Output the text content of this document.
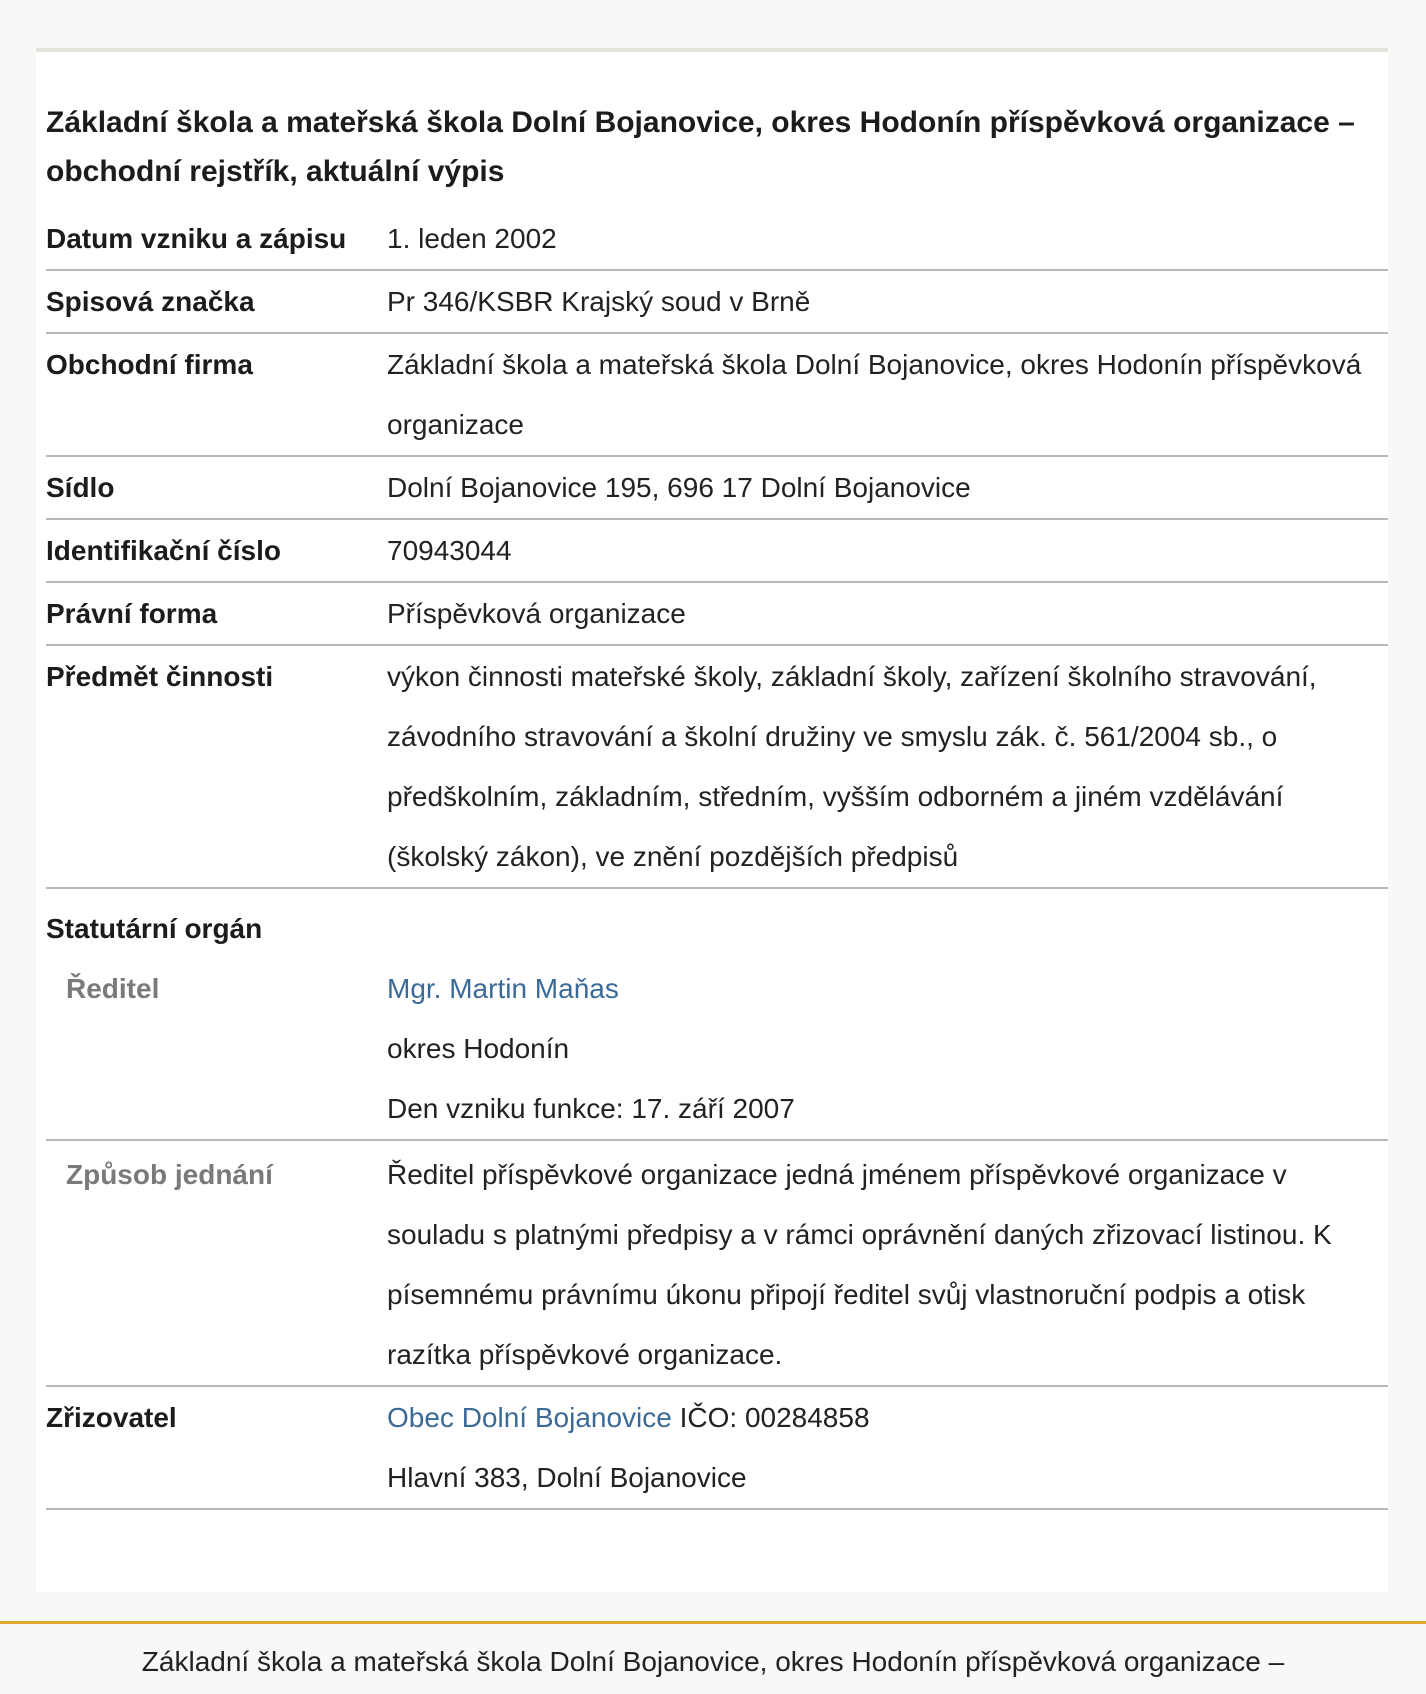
Základní škola a mateřská škola Dolní Bojanovice, okres Hodonín příspěvková organizace – obchodní rejstřík, aktuální výpis
Datum vzniku a zápisu	1. leden 2002
Spisová značka	Pr 346/KSBR Krajský soud v Brně
Obchodní firma	Základní škola a mateřská škola Dolní Bojanovice, okres Hodonín příspěvková organizace
Sídlo	Dolní Bojanovice 195, 696 17 Dolní Bojanovice
Identifikační číslo	70943044
Právní forma	Příspěvková organizace
Předmět činnosti	výkon činnosti mateřské školy, základní školy, zařízení školního stravování, závodního stravování a školní družiny ve smyslu zák. č. 561/2004 sb., o předškolním, základním, středním, vyšším odborném a jiném vzdělávání (školský zákon), ve znění pozdějších předpisů
Statutární orgán	
Ředitel	Mgr. Martin Maňas
okres Hodonín
Den vzniku funkce: 17. září 2007

Způsob jednání	Ředitel příspěvkové organizace jedná jménem příspěvkové organizace v souladu s platnými předpisy a v rámci oprávnění daných zřizovací listinou. K písemnému právnímu úkonu připojí ředitel svůj vlastnoruční podpis a otisk razítka příspěvkové organizace.
Zřizovatel	Obec Dolní Bojanovice IČO: 00284858
Hlavní 383, Dolní Bojanovice
Základní škola a mateřská škola Dolní Bojanovice, okres Hodonín příspěvková organizace –
